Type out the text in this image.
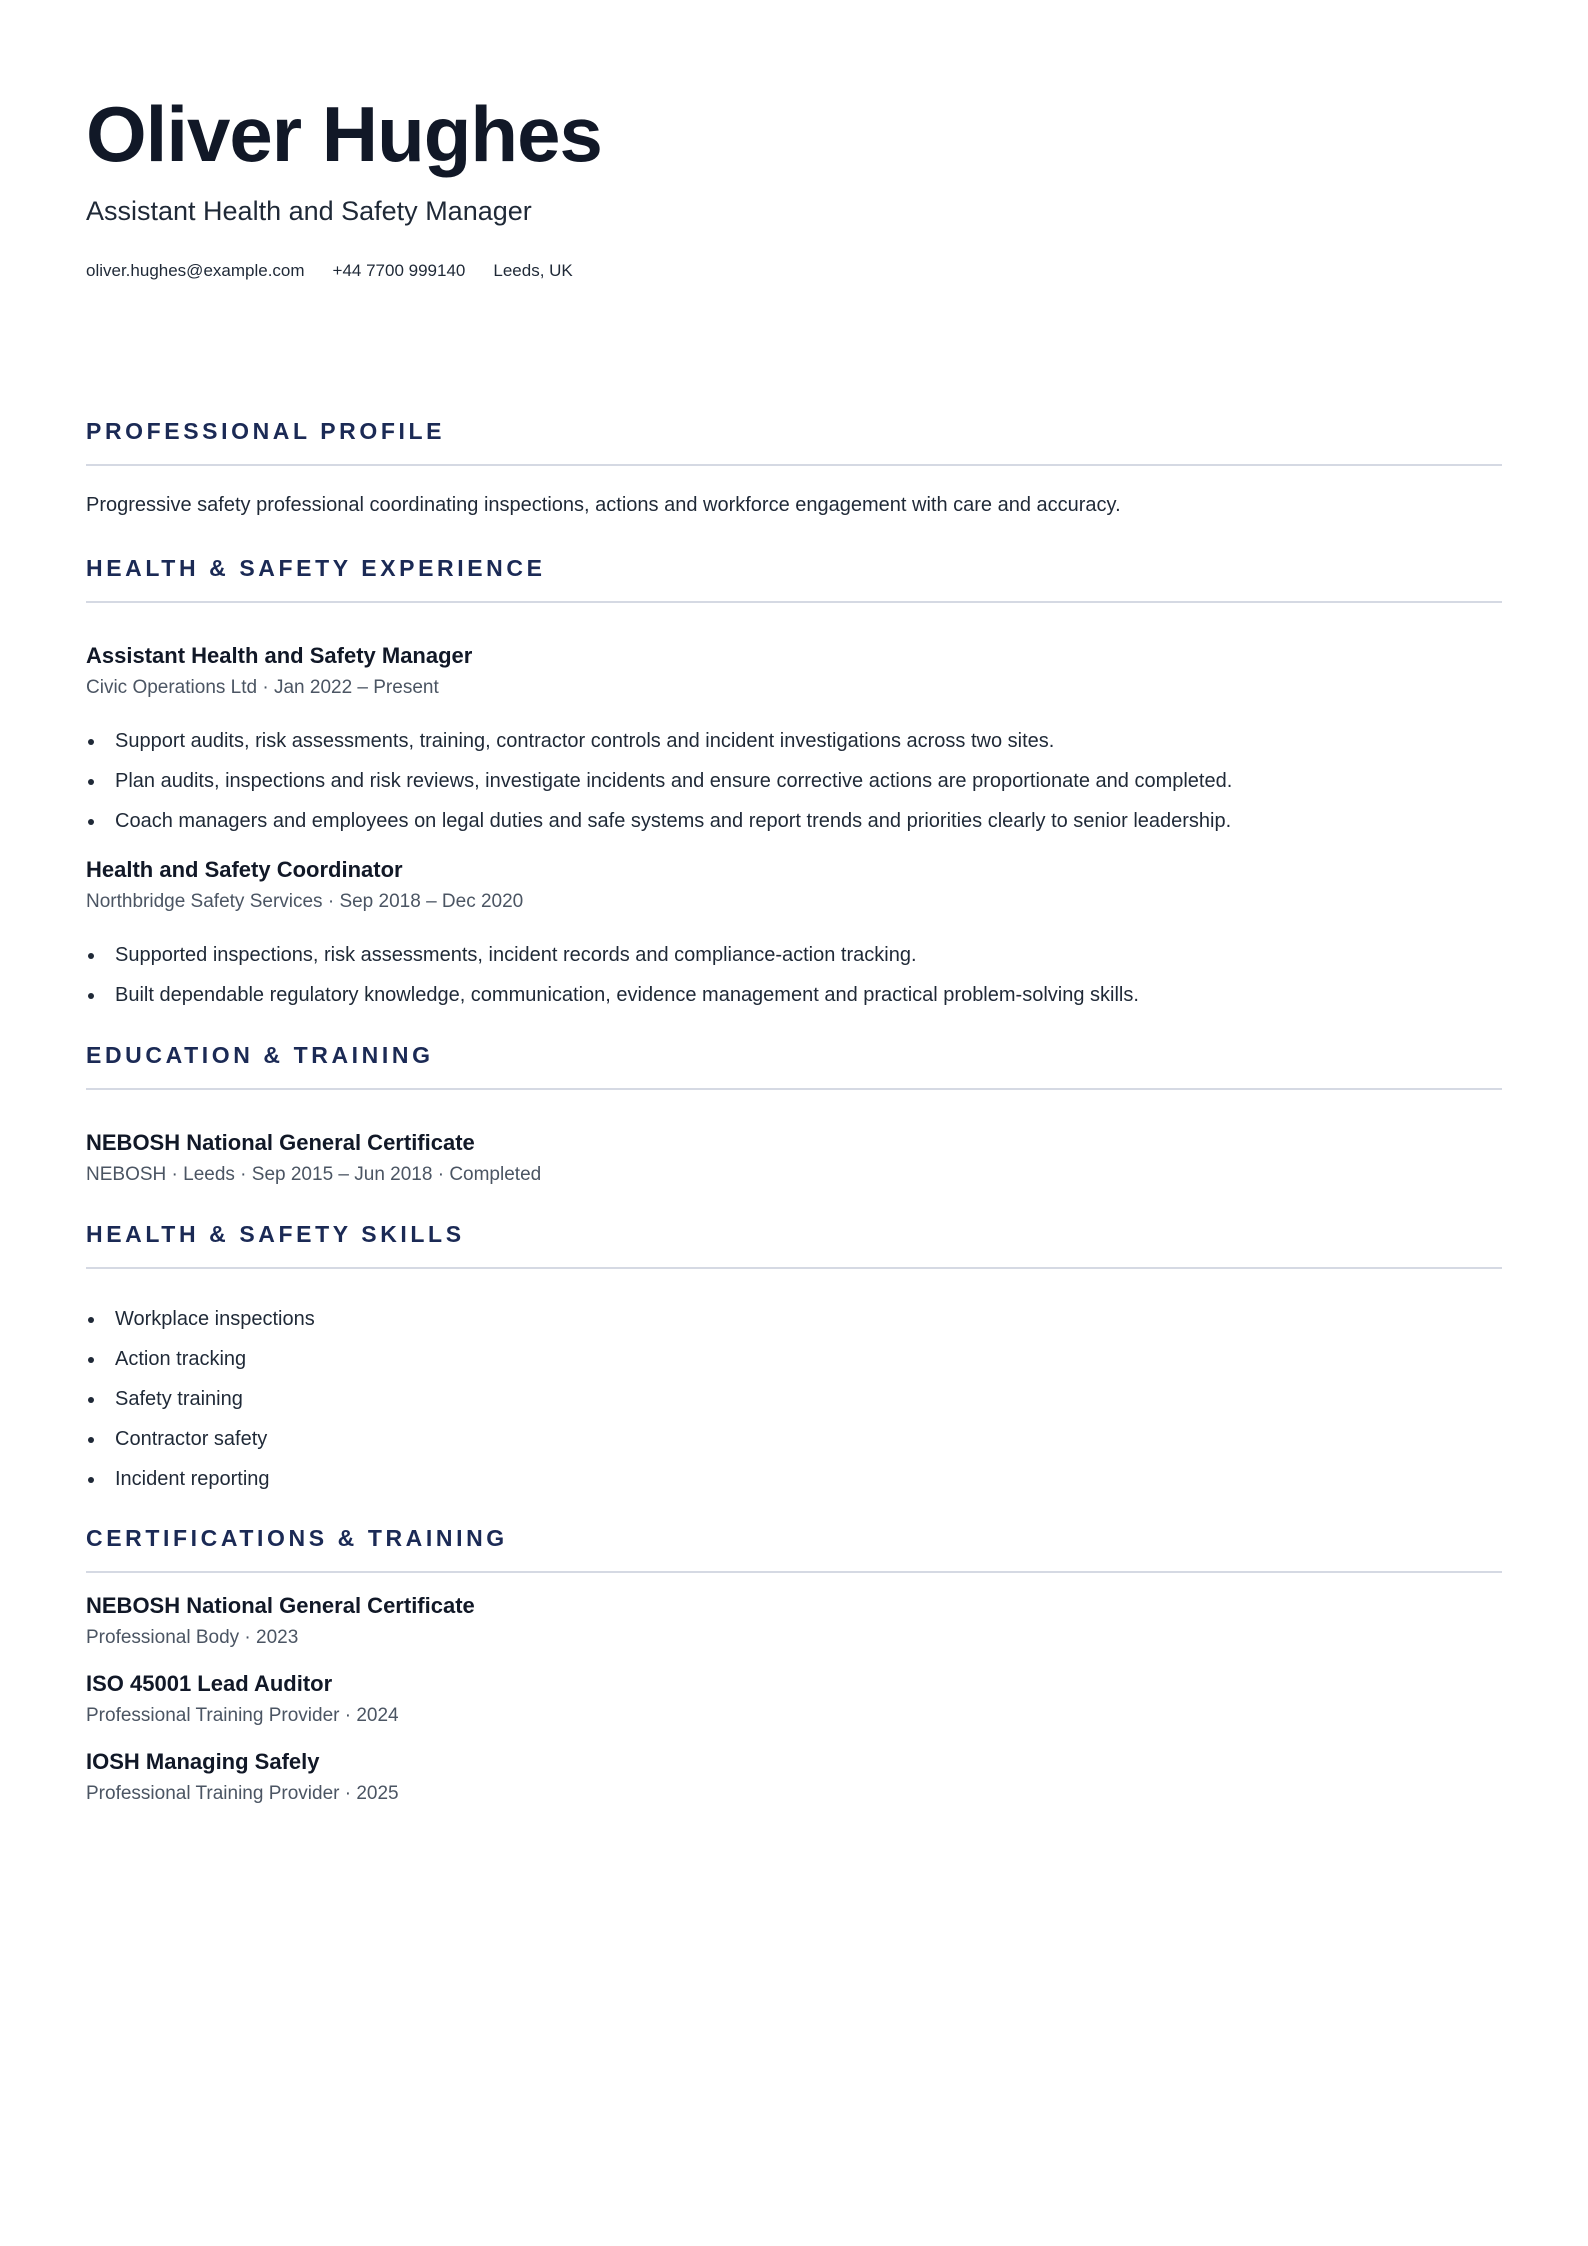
Oliver Hughes

Assistant Health and Safety Manager

oliver.hughes@example.com +44 7700 999140 Leeds, UK
PROFESSIONAL PROFILE
Progressive safety professional coordinating inspections, actions and workforce engagement with care and accuracy.
HEALTH & SAFETY EXPERIENCE
Assistant Health and Safety Manager
Civic Operations Ltd · Jan 2022 – Present
Support audits, risk assessments, training, contractor controls and incident investigations across two sites.
Plan audits, inspections and risk reviews, investigate incidents and ensure corrective actions are proportionate and completed.
Coach managers and employees on legal duties and safe systems and report trends and priorities clearly to senior leadership.
Health and Safety Coordinator
Northbridge Safety Services · Sep 2018 – Dec 2020
Supported inspections, risk assessments, incident records and compliance-action tracking.
Built dependable regulatory knowledge, communication, evidence management and practical problem-solving skills.
EDUCATION & TRAINING
NEBOSH National General Certificate
NEBOSH · Leeds · Sep 2015 – Jun 2018 · Completed
HEALTH & SAFETY SKILLS
Workplace inspections
Action tracking
Safety training
Contractor safety
Incident reporting
CERTIFICATIONS & TRAINING
NEBOSH National General Certificate
Professional Body · 2023
ISO 45001 Lead Auditor
Professional Training Provider · 2024
IOSH Managing Safely
Professional Training Provider · 2025
